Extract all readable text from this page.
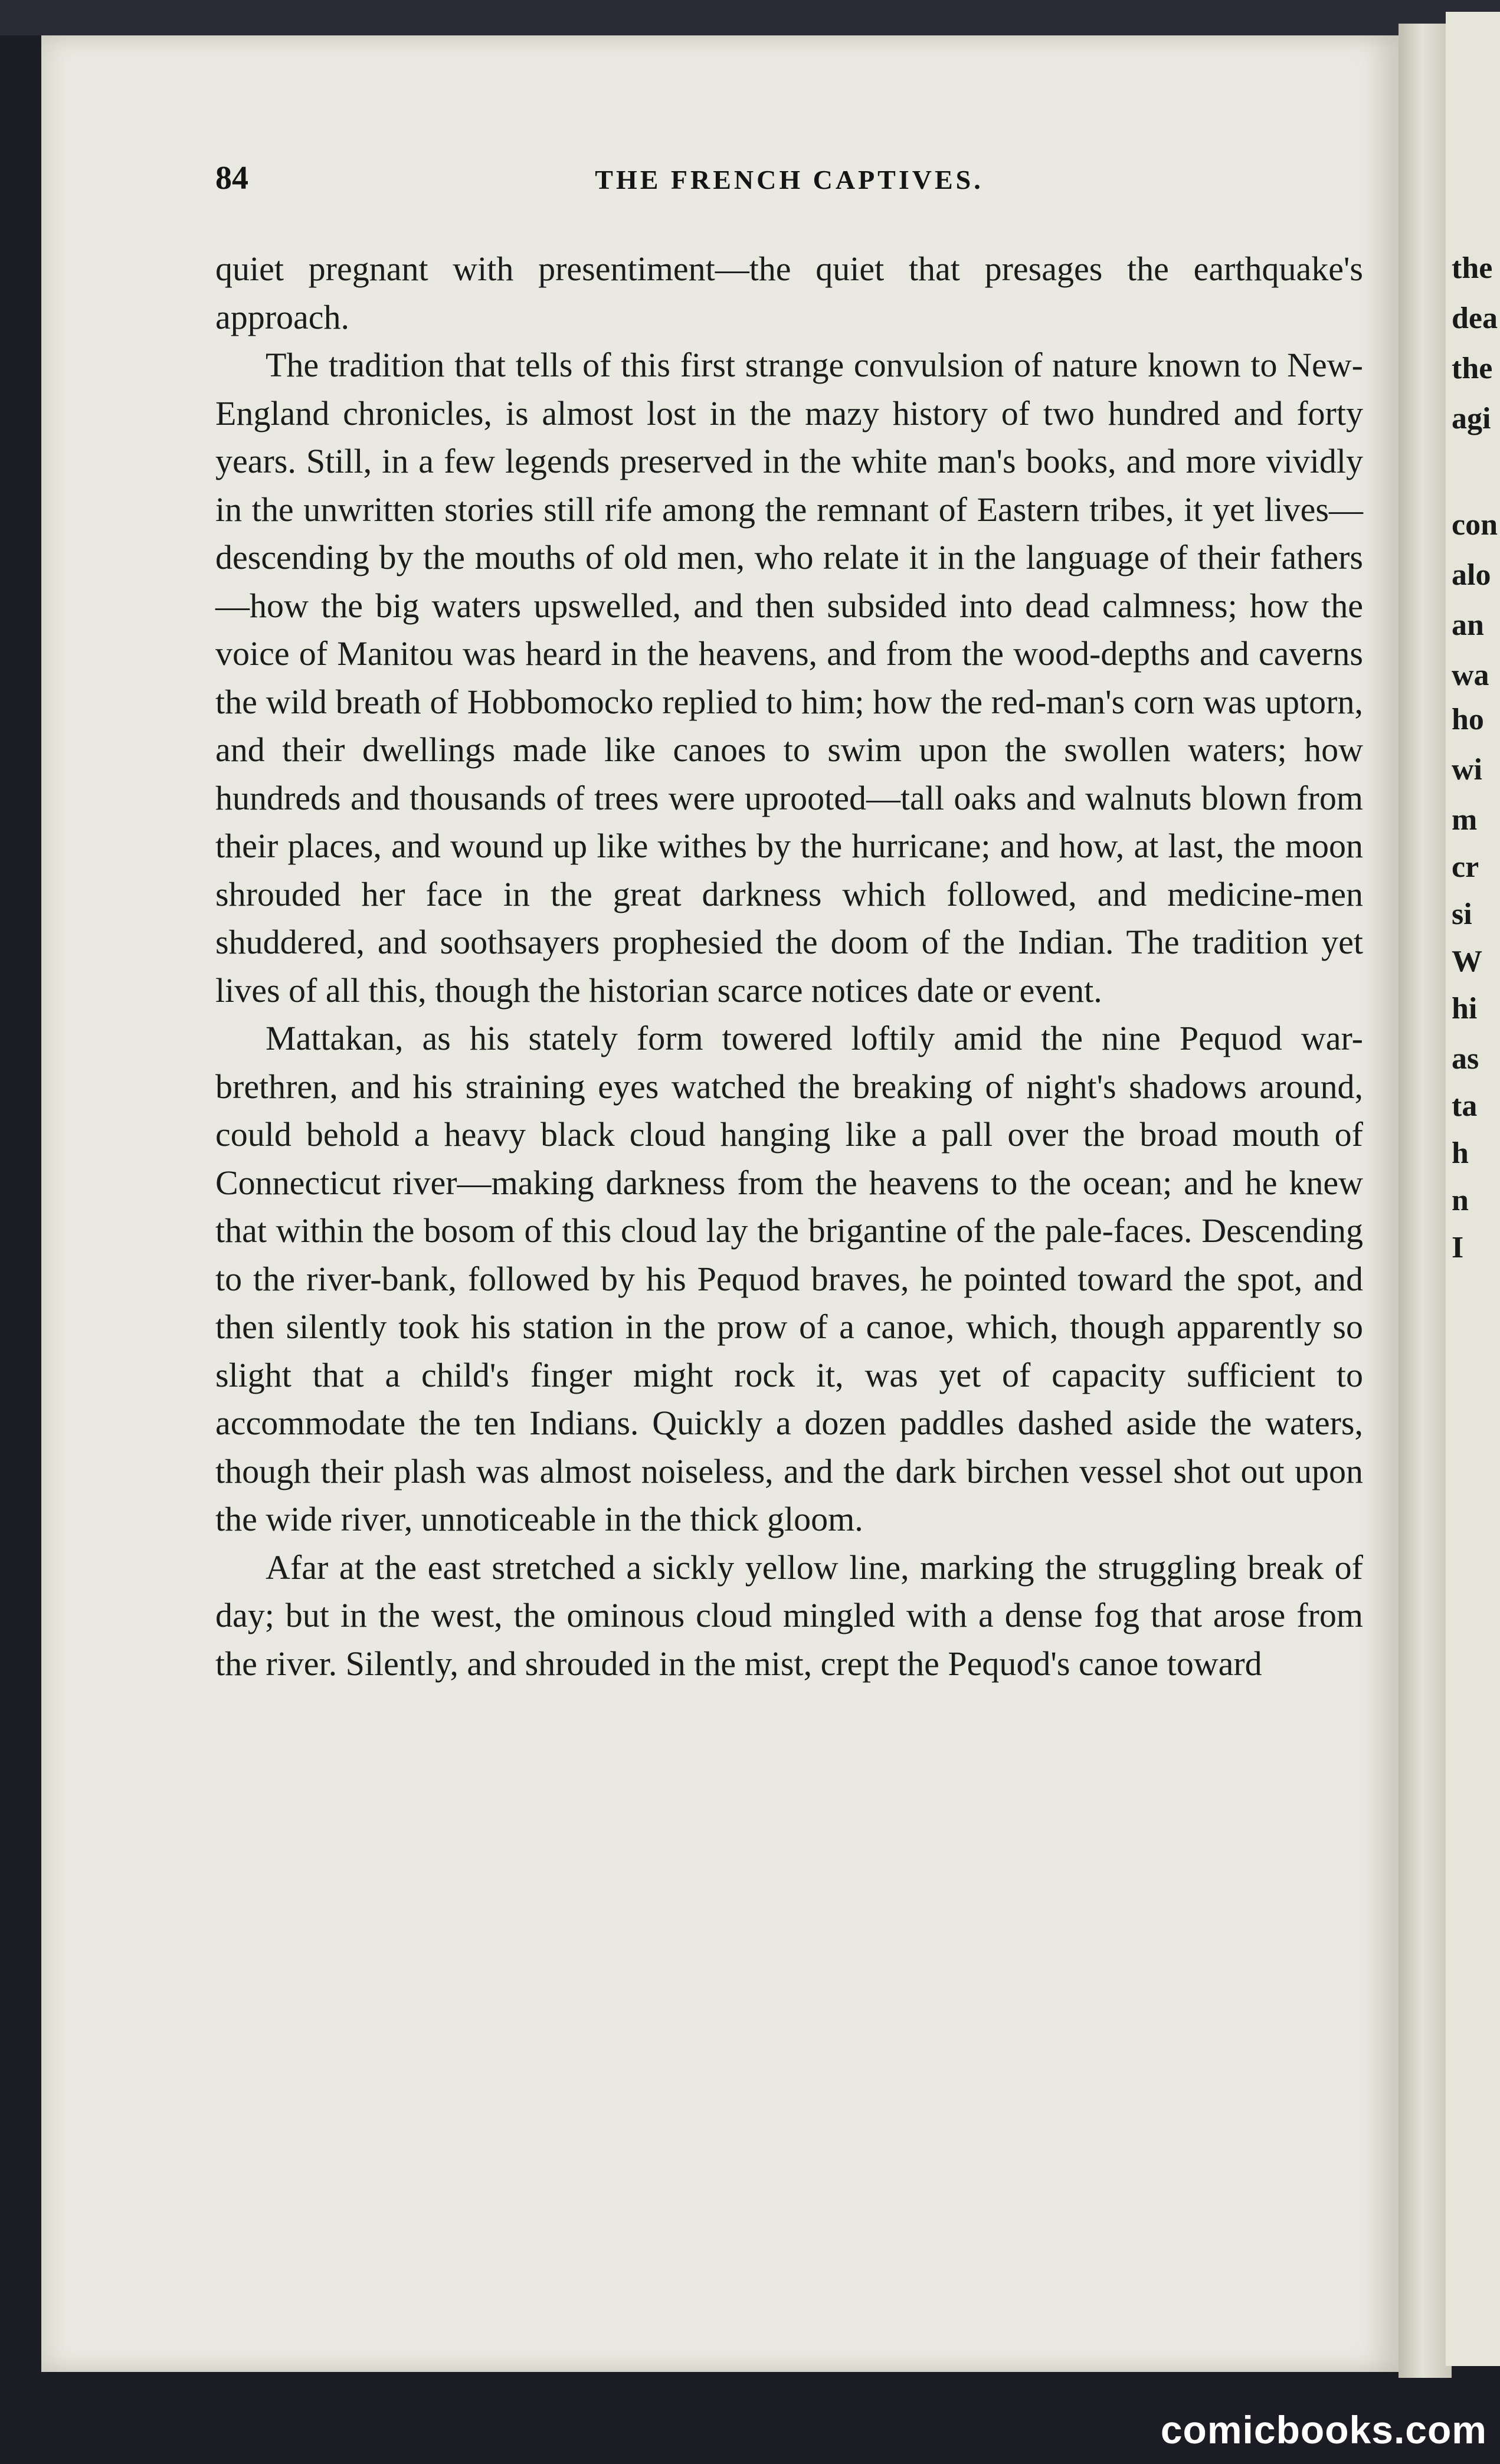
the
dea
the
agi
con
alo
an
wa
ho
wi
m
cr
si
W
hi
as
ta
h
n
I
84	THE FRENCH CAPTIVES.

quiet pregnant with presentiment—the quiet that presages the earthquake's approach.

The tradition that tells of this first strange convulsion of nature known to New-England chronicles, is almost lost in the mazy history of two hundred and forty years. Still, in a few legends preserved in the white man's books, and more vividly in the unwritten stories still rife among the remnant of Eastern tribes, it yet lives—descending by the mouths of old men, who relate it in the language of their fathers—how the big waters upswelled, and then subsided into dead calmness; how the voice of Manitou was heard in the heavens, and from the wood-depths and caverns the wild breath of Hobbomocko replied to him; how the red-man's corn was uptorn, and their dwellings made like canoes to swim upon the swollen waters; how hundreds and thousands of trees were uprooted—tall oaks and walnuts blown from their places, and wound up like withes by the hurricane; and how, at last, the moon shrouded her face in the great darkness which followed, and medicine-men shuddered, and soothsayers prophesied the doom of the Indian. The tradition yet lives of all this, though the historian scarce notices date or event.

Mattakan, as his stately form towered loftily amid the nine Pequod war-brethren, and his straining eyes watched the breaking of night's shadows around, could behold a heavy black cloud hanging like a pall over the broad mouth of Connecticut river—making darkness from the heavens to the ocean; and he knew that within the bosom of this cloud lay the brigantine of the pale-faces. Descending to the river-bank, followed by his Pequod braves, he pointed toward the spot, and then silently took his station in the prow of a canoe, which, though apparently so slight that a child's finger might rock it, was yet of capacity sufficient to accommodate the ten Indians. Quickly a dozen paddles dashed aside the waters, though their plash was almost noiseless, and the dark birchen vessel shot out upon the wide river, unnoticeable in the thick gloom.

Afar at the east stretched a sickly yellow line, marking the struggling break of day; but in the west, the ominous cloud mingled with a dense fog that arose from the river. Silently, and shrouded in the mist, crept the Pequod's canoe toward

comicbooks.com
